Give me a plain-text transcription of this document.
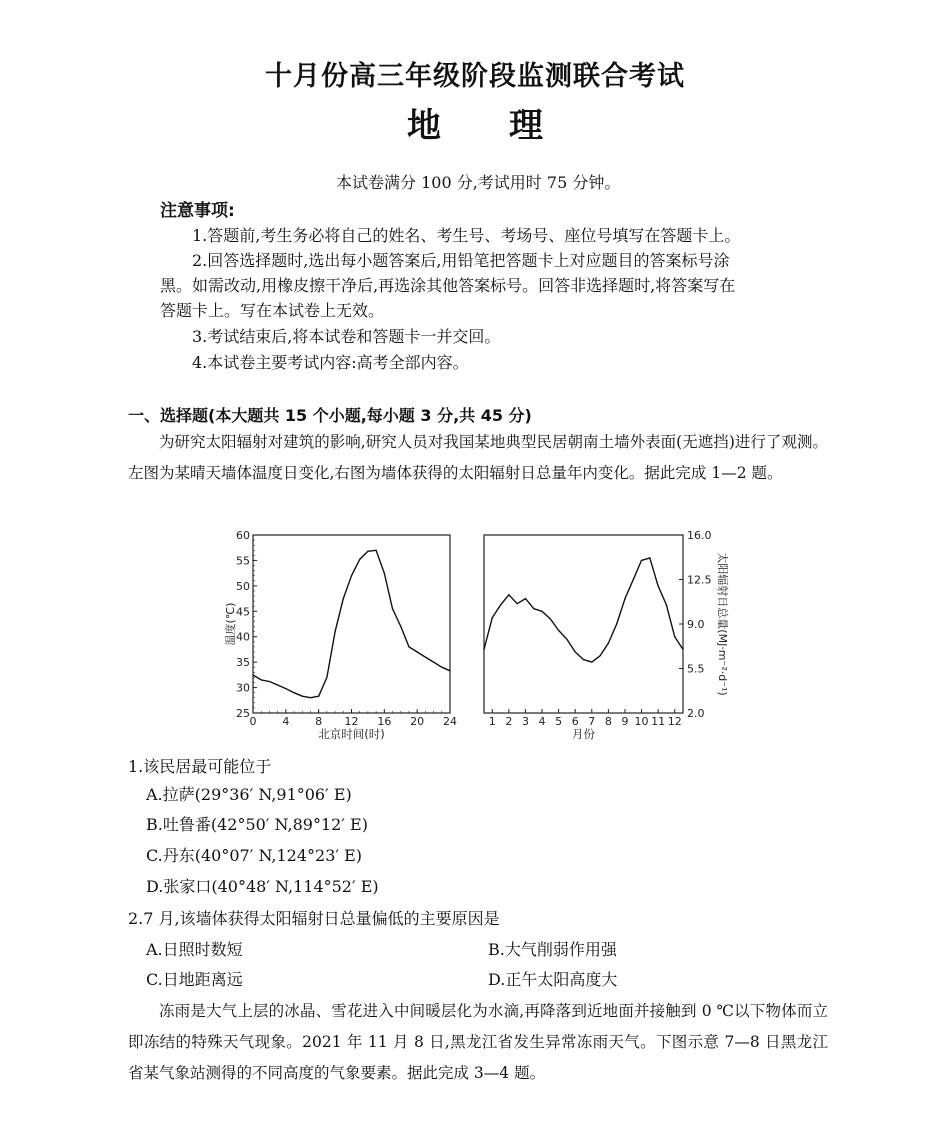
十月份高三年级阶段监测联合考试
地　　理
本试卷满分 100 分,考试用时 75 分钟。
注意事项:
1.答题前,考生务必将自己的姓名、考生号、考场号、座位号填写在答题卡上。
2.回答选择题时,选出每小题答案后,用铅笔把答题卡上对应题目的答案标号涂
黑。如需改动,用橡皮擦干净后,再选涂其他答案标号。回答非选择题时,将答案写在
答题卡上。写在本试卷上无效。
3.考试结束后,将本试卷和答题卡一并交回。
4.本试卷主要考试内容:高考全部内容。
一、选择题(本大题共 15 个小题,每小题 3 分,共 45 分)
为研究太阳辐射对建筑的影响,研究人员对我国某地典型民居朝南土墙外表面(无遮挡)进行了观测。左图为某晴天墙体温度日变化,右图为墙体获得的太阳辐射日总量年内变化。据此完成 1—2 题。
25
30
35
40
45
50
55
60
0 4 8 12 16 20 24
北京时间(时)
温度(℃)
2.0
5.5
9.0
12.5
16.0
1 2 3 4 5 6 7 8 9 10 11 12
月份
太阳辐射日总量(MJ·m⁻²·d⁻¹)
1.该民居最可能位于
A.拉萨(29°36′ N,91°06′ E)
B.吐鲁番(42°50′ N,89°12′ E)
C.丹东(40°07′ N,124°23′ E)
D.张家口(40°48′ N,114°52′ E)
2.7 月,该墙体获得太阳辐射日总量偏低的主要原因是
A.日照时数短	B.大气削弱作用强
C.日地距离远	D.正午太阳高度大
冻雨是大气上层的冰晶、雪花进入中间暖层化为水滴,再降落到近地面并接触到 0 ℃以下物体而立即冻结的特殊天气现象。2021 年 11 月 8 日,黑龙江省发生异常冻雨天气。下图示意 7—8 日黑龙江省某气象站测得的不同高度的气象要素。据此完成 3—4 题。
